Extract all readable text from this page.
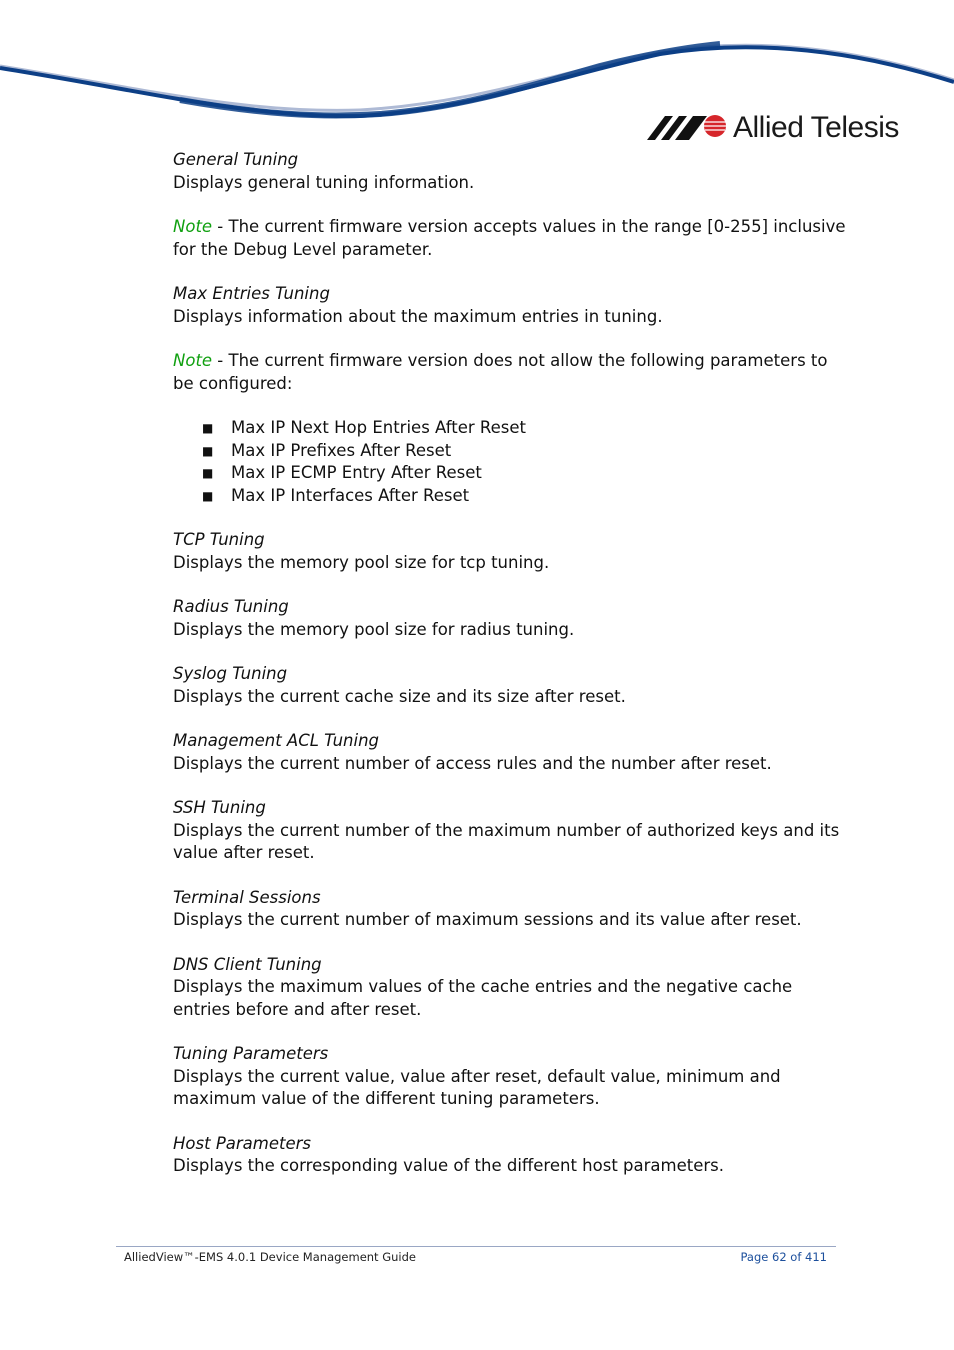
Allied Telesis
General Tuning
Displays general tuning information.
Note - The current firmware version accepts values in the range [0-255] inclusive for the Debug Level parameter.
Max Entries Tuning
Displays information about the maximum entries in tuning.
Note - The current firmware version does not allow the following parameters to be configured:
■ Max IP Next Hop Entries After Reset
■ Max IP Prefixes After Reset
■ Max IP ECMP Entry After Reset
■ Max IP Interfaces After Reset
TCP Tuning
Displays the memory pool size for tcp tuning.
Radius Tuning
Displays the memory pool size for radius tuning.
Syslog Tuning
Displays the current cache size and its size after reset.
Management ACL Tuning
Displays the current number of access rules and the number after reset.
SSH Tuning
Displays the current number of the maximum number of authorized keys and its value after reset.
Terminal Sessions
Displays the current number of maximum sessions and its value after reset.
DNS Client Tuning
Displays the maximum values of the cache entries and the negative cache entries before and after reset.
Tuning Parameters
Displays the current value, value after reset, default value, minimum and maximum value of the different tuning parameters.
Host Parameters
Displays the corresponding value of the different host parameters.
AlliedView™-EMS 4.0.1 Device Management Guide	Page 62 of 411
